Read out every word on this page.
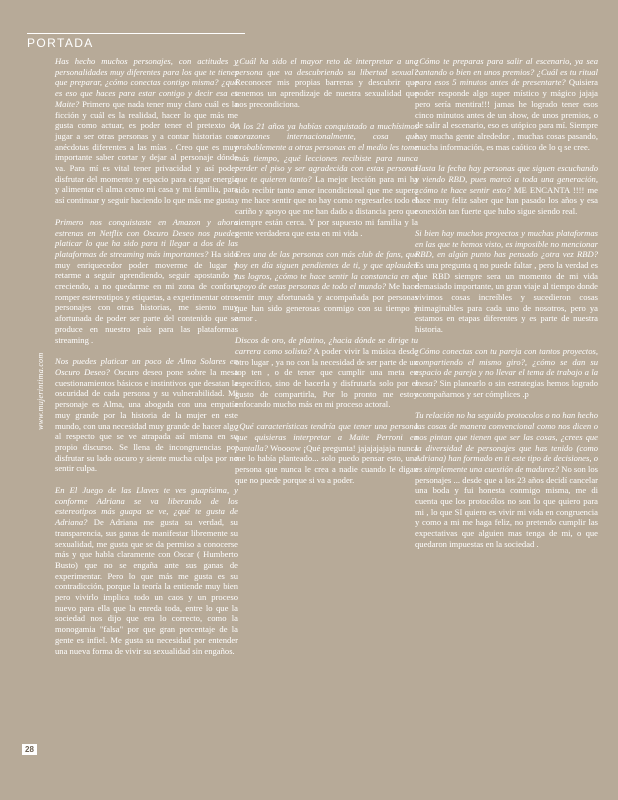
PORTADA
www.mujerintima.com

Has hecho muchos personajes, con actitudes y personalidades muy diferentes para los que te tienes que preparar, ¿cómo conectas contigo misma? ¿qué es eso que haces para estar contigo y decir esa es Maite? Primero que nada tener muy claro cuál es la ficción y cuál es la realidad, hacer lo que más me gusta como actuar, es poder tener el pretexto de jugar a ser otras personas y a contar historias con anécdotas diferentes a las mías . Creo que es muy importante saber cortar y dejar al personaje dónde va. Para mí es vital tener privacidad y así poder disfrutar del momento y espacio para cargar energía y alimentar el alma como mi casa y mi familia, para así continuar y seguir haciendo lo que más me gusta.

Primero nos conquistaste en Amazon y ahora estrenas en Netflix con Oscuro Deseo nos puedes platicar lo que ha sido para ti llegar a dos de las plataformas de streaming más importantes? Ha sido muy enriquecedor poder moverme de lugar y retarme a seguir aprendiendo, seguir apostando y creciendo, a no quedarme en mi zona de confort, romper estereotipos y etiquetas, a experimentar otros personajes con otras historias, me siento muy afortunada de poder ser parte del contenido que se produce en nuestro país para las plataformas streaming .

Nos puedes platicar un poco de Alma Solares en Oscuro Deseo? Oscuro deseo pone sobre la mesa cuestionamientos básicos e instintivos que desatan la oscuridad de cada persona y su vulnerabilidad. Mi personaje es Alma, una abogada con una empatía muy grande por la historia de la mujer en este mundo, con una necesidad muy grande de hacer algo al respecto que se ve atrapada así misma en su propio discurso. Se llena de incongruencias por disfrutar su lado oscuro y siente mucha culpa por no sentir culpa.

En El Juego de las Llaves te ves guapísima, y conforme Adriana se va liberando de los estereotipos más guapa se ve, ¿qué te gusta de Adriana? De Adriana me gusta su verdad, su transparencia, sus ganas de manifestar libremente su sexualidad, me gusta que se da permiso a conocerse más y que habla claramente con Oscar ( Humberto Busto) que no se engaña ante sus ganas de experimentar. Pero lo que más me gusta es su contradicción, porque la teoría la entiende muy bien pero vivirlo implica todo un caos y un proceso nuevo para ella que la enreda toda, entre lo que la sociedad nos dijo que era lo correcto, como la monogamia "falsa" por que gran porcentaje de la gente es infiel. Me gusta su necesidad por entender una nueva forma de vivir su sexualidad sin engaños.

¿Cuál ha sido el mayor reto de interpretar a una persona que va descubriendo su libertad sexual? Reconocer mis propias barreras y descubrir que tenemos un aprendizaje de nuestra sexualidad que nos precondiciona.

A los 21 años ya habías conquistado a muchísimos corazones internacionalmente, cosa que probablemente a otras personas en el medio les tome más tiempo, ¿qué lecciones recibiste para nunca perder el piso y ser agradecida con estas personas que te quieren tanto? La mejor lección para mi ha sido recibir tanto amor incondicional que me supera y me hace sentir que no hay como regresarles todo el cariño y apoyo que me han dado a distancia pero que siempre están cerca. Y por supuesto mi familia y la gente verdadera que esta en mi vida .

Eres una de las personas con más club de fans, que hoy en día siguen pendientes de ti, y que aplauden tus logros, ¿cómo te hace sentir la constancia en el apoyo de estas personas de todo el mundo? Me hace sentir muy afortunada y acompañada por personas que han sido generosas conmigo con su tiempo y amor .

Discos de oro, de platino, ¿hacia dónde se dirige tu carrera como solista? A poder vivir la música desde otro lugar , ya no con la necesidad de ser parte de un top ten , o de tener que cumplir una meta en específico, sino de hacerla y disfrutarla solo por el gusto de compartirla, Por lo pronto me estoy enfocando mucho más en mi proceso actoral.

¿Qué características tendría que tener una persona que quisieras interpretar a Maite Perroni en pantalla? Woooow ¡Qué pregunta! jajajajajaja nunca me lo había planteado... solo puedo pensar esto, una persona que nunca le crea a nadie cuando le digan que no puede porque si va a poder.

¿Cómo te preparas para salir al escenario, ya sea cantando o bien en unos premios? ¿Cuál es tu ritual para esos 5 minutos antes de presentarte? Quisiera poder responde algo super místico y mágico jajaja pero sería mentira!!! jamas he logrado tener esos cinco minutos antes de un show, de unos premios, o de salir al escenario, eso es utópico para mí. Siempre hay mucha gente alrededor , muchas cosas pasando, mucha información, es mas caótico de lo q se cree.

Hasta la fecha hay personas que siguen escuchando y viendo RBD, pues marcó a toda una generación, ¿cómo te hace sentir esto? ME ENCANTA !!!! me hace muy feliz saber que han pasado los años y esa conexión tan fuerte que hubo sigue siendo real.

Si bien hay muchos proyectos y muchas plataformas en las que te hemos visto, es imposible no mencionar RBD, en algún punto has pensado ¿otra vez RBD? Es una pregunta q no puede faltar , pero la verdad es que RBD siempre sera un momento de mi vida demasiado importante, un gran viaje al tiempo donde vivimos cosas increíbles y sucedieron cosas inimaginables para cada uno de nosotros, pero ya estamos en etapas diferentes y es parte de nuestra historia.

¿Cómo conectas con tu pareja con tantos proyectos, compartiendo el mismo giro?, ¿cómo se dan su espacio de pareja y no llevar el tema de trabajo a la mesa? Sin planearlo o sin estrategias hemos logrado acompañarnos y ser cómplices .p

Tu relación no ha seguido protocolos o no han hecho las cosas de manera convencional como nos dicen o nos pintan que tienen que ser las cosas, ¿crees que la diversidad de personajes que has tenido (como Adriana) han formado en ti este tipo de decisiones, o es simplemente una cuestión de madurez? No son los personajes ... desde que a los 23 años decidí cancelar una boda y fui honesta conmigo misma, me di cuenta que los protocólos no son lo que quiero para mi , lo que SI quiero es vivir mi vida en congruencia y como a mi me haga feliz, no pretendo cumplir las expectativas que alguien mas tenga de mi, o que quedaron impuestas en la sociedad .

28
